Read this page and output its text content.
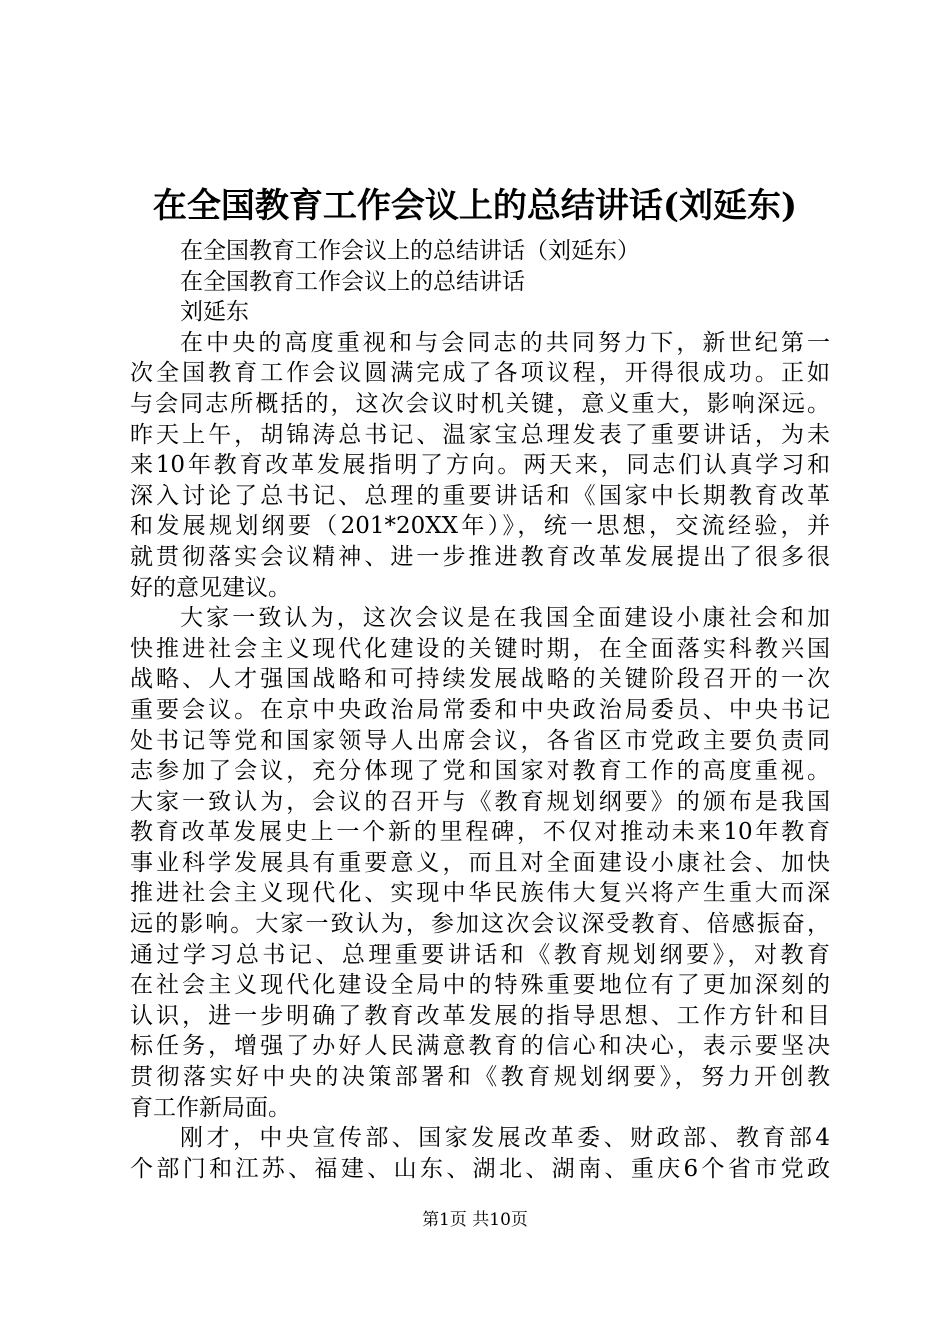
在全国教育工作会议上的总结讲话(刘延东)
在全国教育工作会议上的总结讲话（刘延东）
在全国教育工作会议上的总结讲话
刘延东
在中央的高度重视和与会同志的共同努力下，新世纪第一
次全国教育工作会议圆满完成了各项议程，开得很成功。正如
与会同志所概括的，这次会议时机关键，意义重大，影响深远。
昨天上午，胡锦涛总书记、温家宝总理发表了重要讲话，为未
来10年教育改革发展指明了方向。两天来，同志们认真学习和
深入讨论了总书记、总理的重要讲话和《国家中长期教育改革
和发展规划纲要（201*20XX年）》，统一思想，交流经验，并
就贯彻落实会议精神、进一步推进教育改革发展提出了很多很
好的意见建议。
大家一致认为，这次会议是在我国全面建设小康社会和加
快推进社会主义现代化建设的关键时期，在全面落实科教兴国
战略、人才强国战略和可持续发展战略的关键阶段召开的一次
重要会议。在京中央政治局常委和中央政治局委员、中央书记
处书记等党和国家领导人出席会议，各省区市党政主要负责同
志参加了会议，充分体现了党和国家对教育工作的高度重视。
大家一致认为，会议的召开与《教育规划纲要》的颁布是我国
教育改革发展史上一个新的里程碑，不仅对推动未来10年教育
事业科学发展具有重要意义，而且对全面建设小康社会、加快
推进社会主义现代化、实现中华民族伟大复兴将产生重大而深
远的影响。大家一致认为，参加这次会议深受教育、倍感振奋，
通过学习总书记、总理重要讲话和《教育规划纲要》，对教育
在社会主义现代化建设全局中的特殊重要地位有了更加深刻的
认识，进一步明确了教育改革发展的指导思想、工作方针和目
标任务，增强了办好人民满意教育的信心和决心，表示要坚决
贯彻落实好中央的决策部署和《教育规划纲要》，努力开创教
育工作新局面。
刚才，中央宣传部、国家发展改革委、财政部、教育部4
个部门和江苏、福建、山东、湖北、湖南、重庆6个省市党政
第1页 共10页
